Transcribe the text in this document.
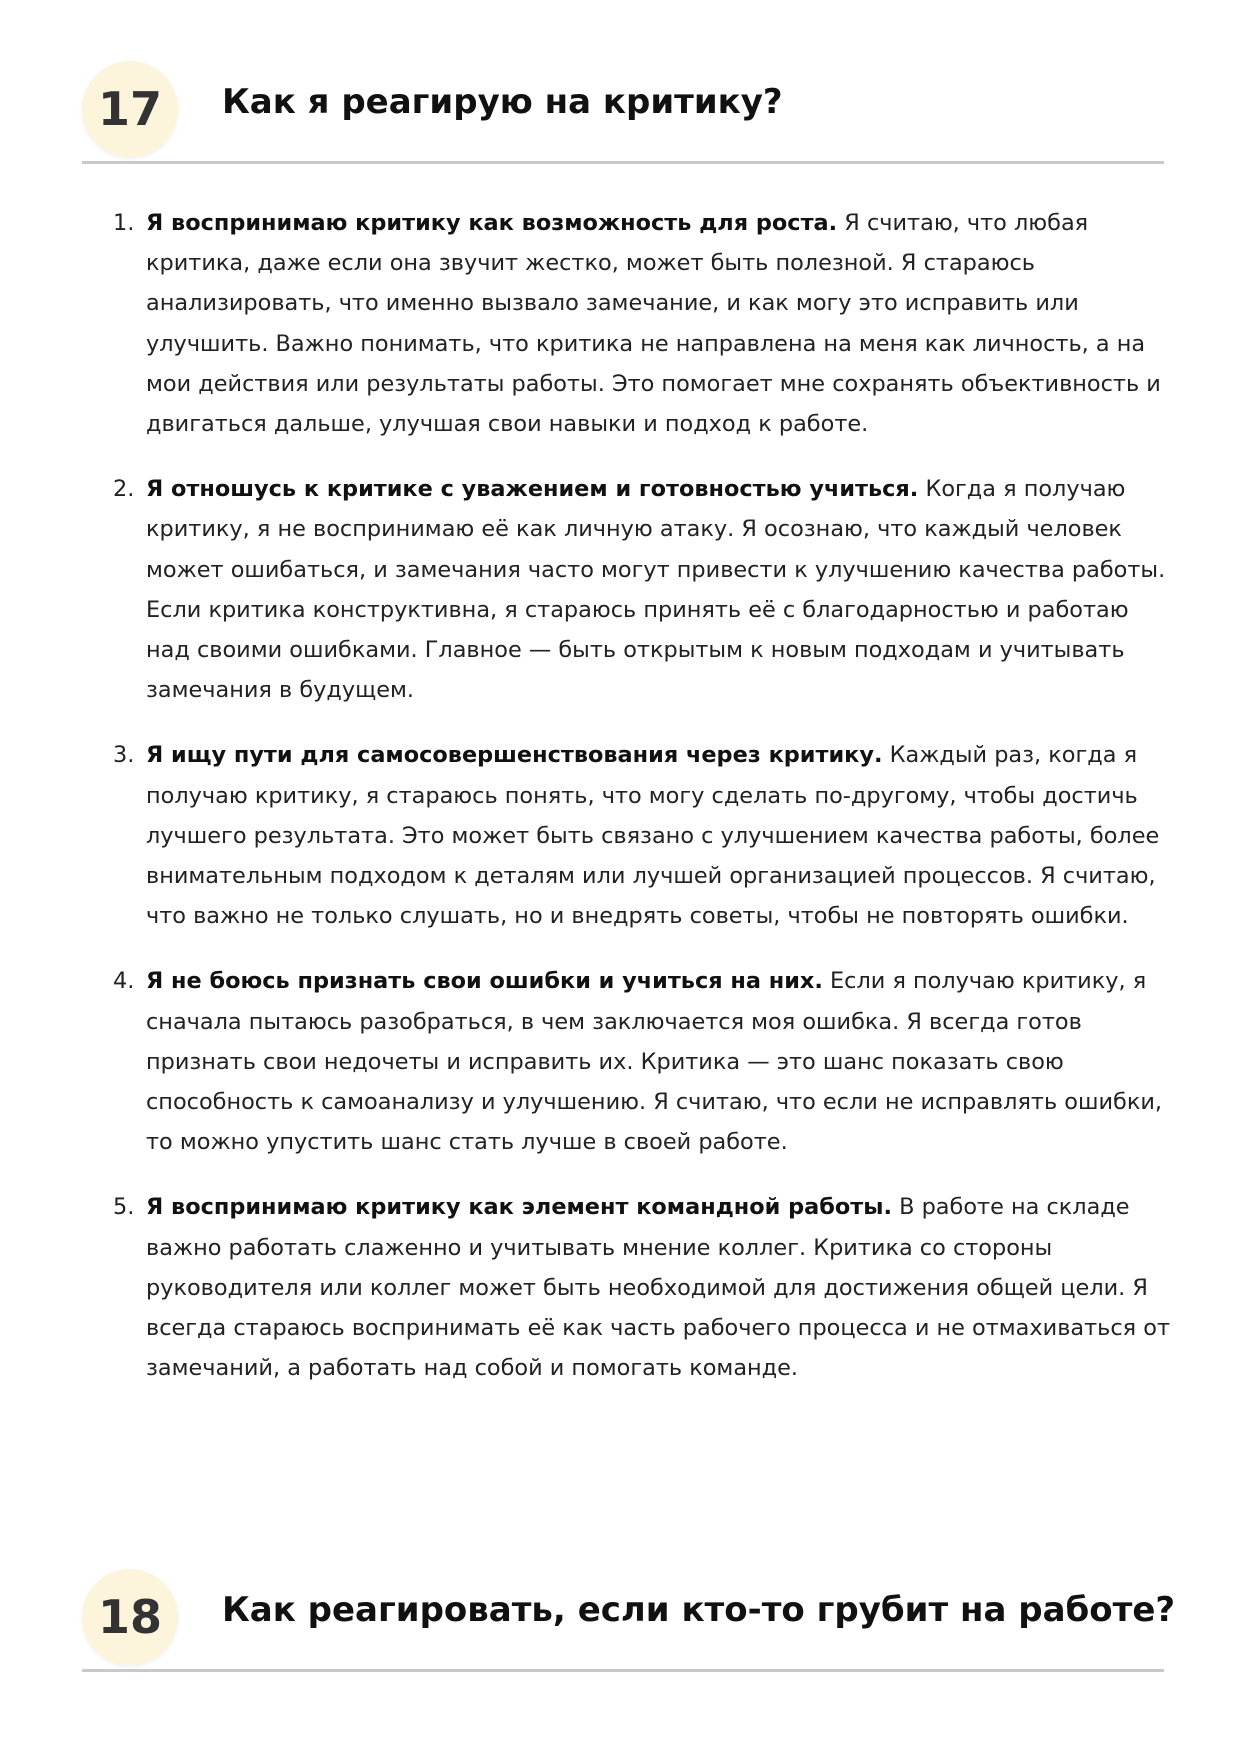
17	Как я реагирую на критику?
1. Я воспринимаю критику как возможность для роста. Я считаю, что любая критика, даже если она звучит жестко, может быть полезной. Я стараюсь анализировать, что именно вызвало замечание, и как могу это исправить или улучшить. Важно понимать, что критика не направлена на меня как личность, а на мои действия или результаты работы. Это помогает мне сохранять объективность и двигаться дальше, улучшая свои навыки и подход к работе.
2. Я отношусь к критике с уважением и готовностью учиться. Когда я получаю критику, я не воспринимаю её как личную атаку. Я осознаю, что каждый человек может ошибаться, и замечания часто могут привести к улучшению качества работы. Если критика конструктивна, я стараюсь принять её с благодарностью и работаю над своими ошибками. Главное — быть открытым к новым подходам и учитывать замечания в будущем.
3. Я ищу пути для самосовершенствования через критику. Каждый раз, когда я получаю критику, я стараюсь понять, что могу сделать по-другому, чтобы достичь лучшего результата. Это может быть связано с улучшением качества работы, более внимательным подходом к деталям или лучшей организацией процессов. Я считаю, что важно не только слушать, но и внедрять советы, чтобы не повторять ошибки.
4. Я не боюсь признать свои ошибки и учиться на них. Если я получаю критику, я сначала пытаюсь разобраться, в чем заключается моя ошибка. Я всегда готов признать свои недочеты и исправить их. Критика — это шанс показать свою способность к самоанализу и улучшению. Я считаю, что если не исправлять ошибки, то можно упустить шанс стать лучше в своей работе.
5. Я воспринимаю критику как элемент командной работы. В работе на складе важно работать слаженно и учитывать мнение коллег. Критика со стороны руководителя или коллег может быть необходимой для достижения общей цели. Я всегда стараюсь воспринимать её как часть рабочего процесса и не отмахиваться от замечаний, а работать над собой и помогать команде.
18	Как реагировать, если кто-то грубит на работе?
